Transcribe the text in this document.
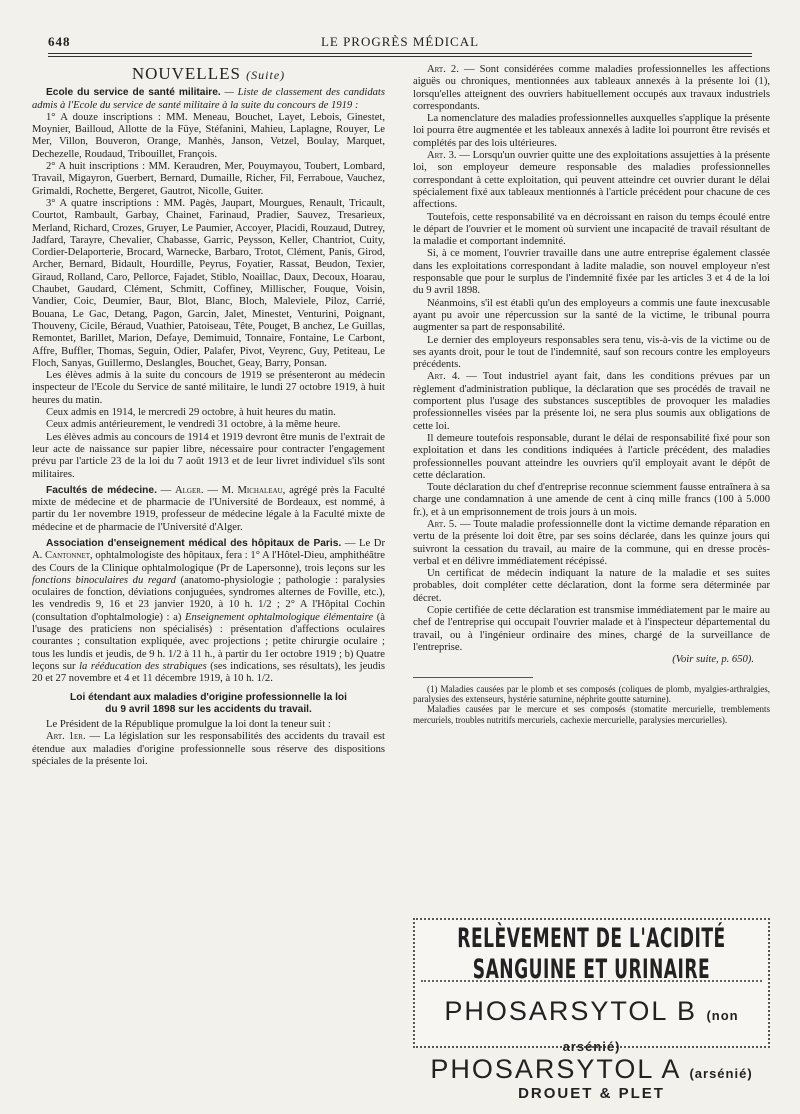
648	LE PROGRÈS MÉDICAL
NOUVELLES (Suite)

Ecole du service de santé militaire. — Liste de classement des candidats admis à l'Ecole du service de santé militaire à la suite du concours de 1919 :

1° A douze inscriptions : MM. Meneau, Bouchet, Layet, Lebois, Ginestet, Moynier, Bailloud, Allotte de la Füye, Stéfanini, Mahieu, Laplagne, Rouyer, Le Mer, Villon, Bouveron, Orange, Manhès, Janson, Vetzel, Boulay, Marquet, Dechezelle, Roudaud, Tribouillet, François.

2° A huit inscriptions : MM. Keraudren, Mer, Pouymayou, Toubert, Lombard, Travail, Migayron, Guerbert, Bernard, Dumaille, Richer, Fil, Ferraboue, Vauchez, Grimaldi, Rochette, Bergeret, Gautrot, Nicolle, Guiter.

3° A quatre inscriptions : MM. Pagès, Jaupart, Mourgues, Renault, Tricault, Courtot, Rambault, Garbay, Chainet, Farinaud, Pradier, Sauvez, Tresarieux, Merland, Richard, Crozes, Gruyer, Le Paumier, Accoyer, Placidi, Rouzaud, Dutrey, Jadfard, Tarayre, Chevalier, Chabasse, Garric, Peysson, Keller, Chantriot, Cuity, Cordier-Delaporterie, Brocard, Warnecke, Barbaro, Trotot, Clément, Panis, Girod, Archer, Bernard, Bidault, Hourdille, Peyrus, Foyatier, Rassat, Beudon, Texier, Giraud, Rolland, Caro, Pellorce, Fajadet, Stiblo, Noaillac, Daux, Decoux, Hoarau, Chaubet, Gaudard, Clément, Schmitt, Coffiney, Millischer, Fouque, Voisin, Vandier, Coic, Deumier, Baur, Blot, Blanc, Bloch, Maleviele, Piloz, Carrié, Bouana, Le Gac, Detang, Pagon, Garcin, Jalet, Minestet, Venturini, Poignant, Thouveny, Cicile, Béraud, Vuathier, Patoiseau, Tête, Pouget, B anchez, Le Guillas, Remontet, Barillet, Marion, Defaye, Demimuid, Tonnaire, Fontaine, Le Carbont, Affre, Buffler, Thomas, Seguin, Odier, Palafer, Pivot, Veyrenc, Guy, Petiteau, Le Floch, Sanyas, Guillermo, Deslangles, Bouchet, Geay, Barry, Ponsan.

Les élèves admis à la suite du concours de 1919 se présenteront au médecin inspecteur de l'Ecole du Service de santé militaire, le lundi 27 octobre 1919, à huit heures du matin.

Ceux admis en 1914, le mercredi 29 octobre, à huit heures du matin.

Ceux admis antérieurement, le vendredi 31 octobre, à la même heure.

Les élèves admis au concours de 1914 et 1919 devront être munis de l'extrait de leur acte de naissance sur papier libre, nécessaire pour contracter l'engagement prévu par l'article 23 de la loi du 7 août 1913 et de leur livret individuel s'ils sont militaires.

Facultés de médecine. — Alger. — M. Michaleau, agrégé près la Faculté mixte de médecine et de pharmacie de l'Université de Bordeaux, est nommé, à partir du 1er novembre 1919, professeur de médecine légale à la Faculté mixte de médecine et de pharmacie de l'Université d'Alger.

Association d'enseignement médical des hôpitaux de Paris. — Le Dr A. Cantonnet, ophtalmologiste des hôpitaux, fera : 1° A l'Hôtel-Dieu, amphithéâtre des Cours de la Clinique ophtalmologique (Pr de Lapersonne), trois leçons sur les fonctions binoculaires du regard (anatomo-physiologie ; pathologie : paralysies oculaires de fonction, déviations conjuguées, syndromes alternes de Foville, etc.), les vendredis 9, 16 et 23 janvier 1920, à 10 h. 1/2 ; 2° A l'Hôpital Cochin (consultation d'ophtalmologie) : a) Enseignement ophtalmologique élémentaire (à l'usage des praticiens non spécialisés) : présentation d'affections oculaires courantes ; consultation expliquée, avec projections ; petite chirurgie oculaire ; tous les lundis et jeudis, de 9 h. 1/2 à 11 h., à partir du 1er octobre 1919 ; b) Quatre leçons sur la rééducation des strabiques (ses indications, ses résultats), les jeudis 20 et 27 novembre et 4 et 11 décembre 1919, à 10 h. 1/2.

Loi étendant aux maladies d'origine professionnelle la loi
du 9 avril 1898 sur les accidents du travail.

Le Président de la République promulgue la loi dont la teneur suit :

Art. 1er. — La législation sur les responsabilités des accidents du travail est étendue aux maladies d'origine professionnelle sous réserve des dispositions spéciales de la présente loi.

Art. 2. — Sont considérées comme maladies professionnelles les affections aiguës ou chroniques, mentionnées aux tableaux annexés à la présente loi (1), lorsqu'elles atteignent des ouvriers habituellement occupés aux travaux industriels correspondants.

La nomenclature des maladies professionnelles auxquelles s'applique la présente loi pourra être augmentée et les tableaux annexés à ladite loi pourront être revisés et complétés par des lois ultérieures.

Art. 3. — Lorsqu'un ouvrier quitte une des exploitations assujetties à la présente loi, son employeur demeure responsable des maladies professionnelles correspondant à cette exploitation, qui peuvent atteindre cet ouvrier durant le délai spécialement fixé aux tableaux mentionnés à l'article précédent pour chacune de ces affections.

Toutefois, cette responsabilité va en décroissant en raison du temps écoulé entre le départ de l'ouvrier et le moment où survient une incapacité de travail résultant de la maladie et comportant indemnité.

Si, à ce moment, l'ouvrier travaille dans une autre entreprise également classée dans les exploitations correspondant à ladite maladie, son nouvel employeur n'est responsable que pour le surplus de l'indemnité fixée par les articles 3 et 4 de la loi du 9 avril 1898.

Néanmoins, s'il est établi qu'un des employeurs a commis une faute inexcusable ayant pu avoir une répercussion sur la santé de la victime, le tribunal pourra augmenter sa part de responsabilité.

Le dernier des employeurs responsables sera tenu, vis-à-vis de la victime ou de ses ayants droit, pour le tout de l'indemnité, sauf son recours contre les employeurs précédents.

Art. 4. — Tout industriel ayant fait, dans les conditions prévues par un règlement d'administration publique, la déclaration que ses procédés de travail ne comportent plus l'usage des substances susceptibles de provoquer les maladies professionnelles visées par la présente loi, ne sera plus soumis aux obligations de cette loi.

Il demeure toutefois responsable, durant le délai de responsabilité fixé pour son exploitation et dans les conditions indiquées à l'article précédent, des maladies professionnelles pouvant atteindre les ouvriers qu'il employait avant le dépôt de cette déclaration.

Toute déclaration du chef d'entreprise reconnue sciemment fausse entraînera à sa charge une condamnation à une amende de cent à cinq mille francs (100 à 5.000 fr.), et à un emprisonnement de trois jours à un mois.

Art. 5. — Toute maladie professionnelle dont la victime demande réparation en vertu de la présente loi doit être, par ses soins déclarée, dans les quinze jours qui suivront la cessation du travail, au maire de la commune, qui en dresse procès-verbal et en délivre immédiatement récépissé.

Un certificat de médecin indiquant la nature de la maladie et ses suites probables, doit compléter cette déclaration, dont la forme sera déterminée par décret.

Copie certifiée de cette déclaration est transmise immédiatement par le maire au chef de l'entreprise qui occupait l'ouvrier malade et à l'inspecteur départemental du travail, ou à l'ingénieur ordinaire des mines, chargé de la surveillance de l'entreprise.

(Voir suite, p. 650).

(1) Maladies causées par le plomb et ses composés (coliques de plomb, myalgies-arthralgies, paralysies des extenseurs, hystérie saturnine, néphrite goutte saturnine).

Maladies causées par le mercure et ses composés (stomatite mercurielle, tremblements mercuriels, troubles nutritifs mercuriels, cachexie mercurielle, paralysies mercurielles).

RELÈVEMENT DE L'ACIDITÉ SANGUINE ET URINAIRE
PHOSARSYTOL B (non arsénié)
PHOSARSYTOL A (arsénié)
DROUET & PLET
